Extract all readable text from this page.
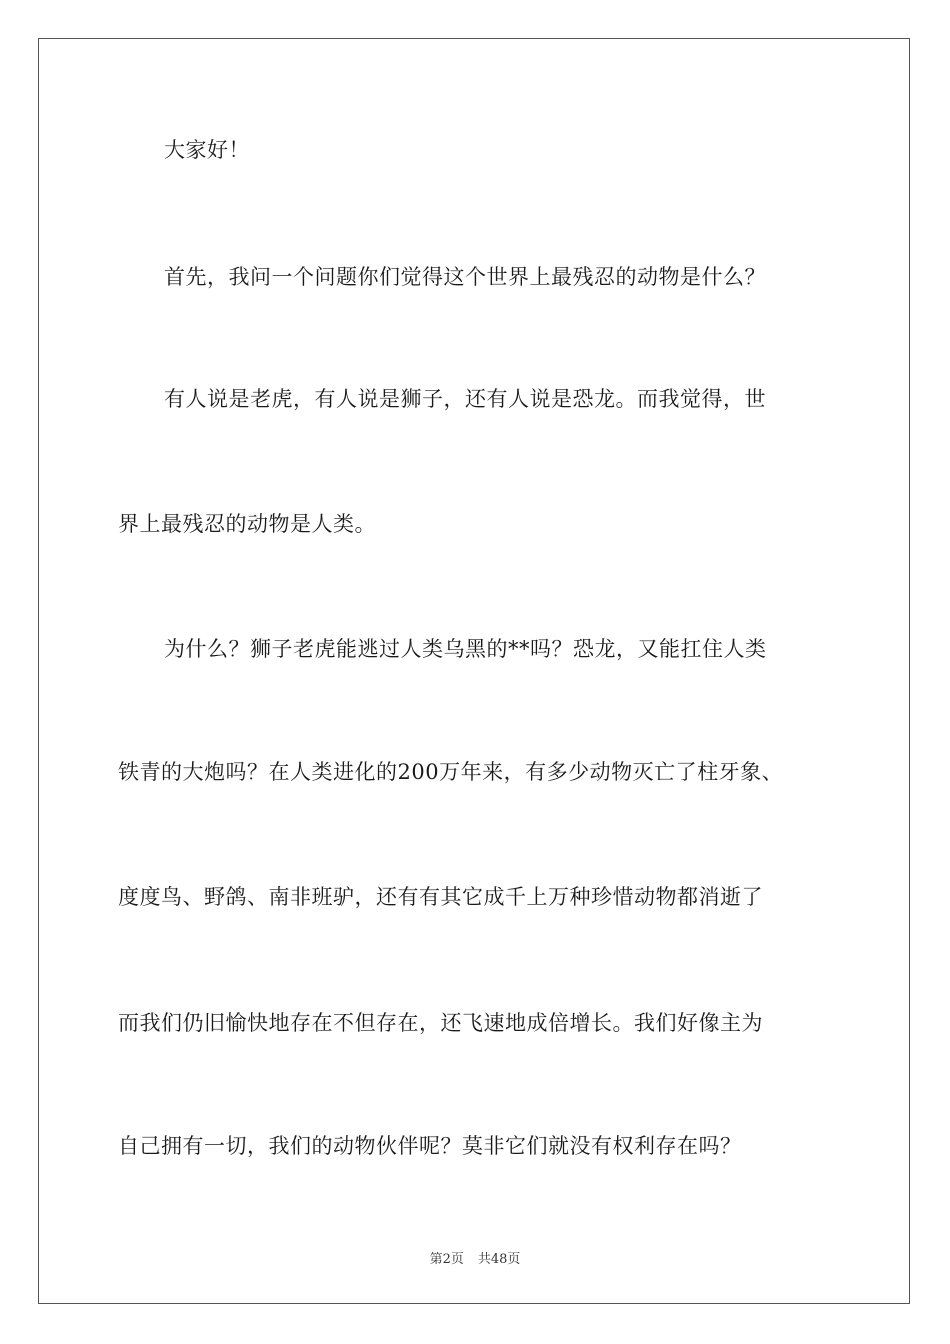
大家好！
首先，我问一个问题你们觉得这个世界上最残忍的动物是什么？
有人说是老虎，有人说是狮子，还有人说是恐龙。而我觉得，世
界上最残忍的动物是人类。
为什么？狮子老虎能逃过人类乌黑的**吗？恐龙，又能扛住人类
铁青的大炮吗？在人类进化的200万年来，有多少动物灭亡了柱牙象、
度度鸟、野鸽、南非班驴，还有有其它成千上万种珍惜动物都消逝了
而我们仍旧愉快地存在不但存在，还飞速地成倍增长。我们好像主为
自己拥有一切，我们的动物伙伴呢？莫非它们就没有权利存在吗？
第2页 共48页
